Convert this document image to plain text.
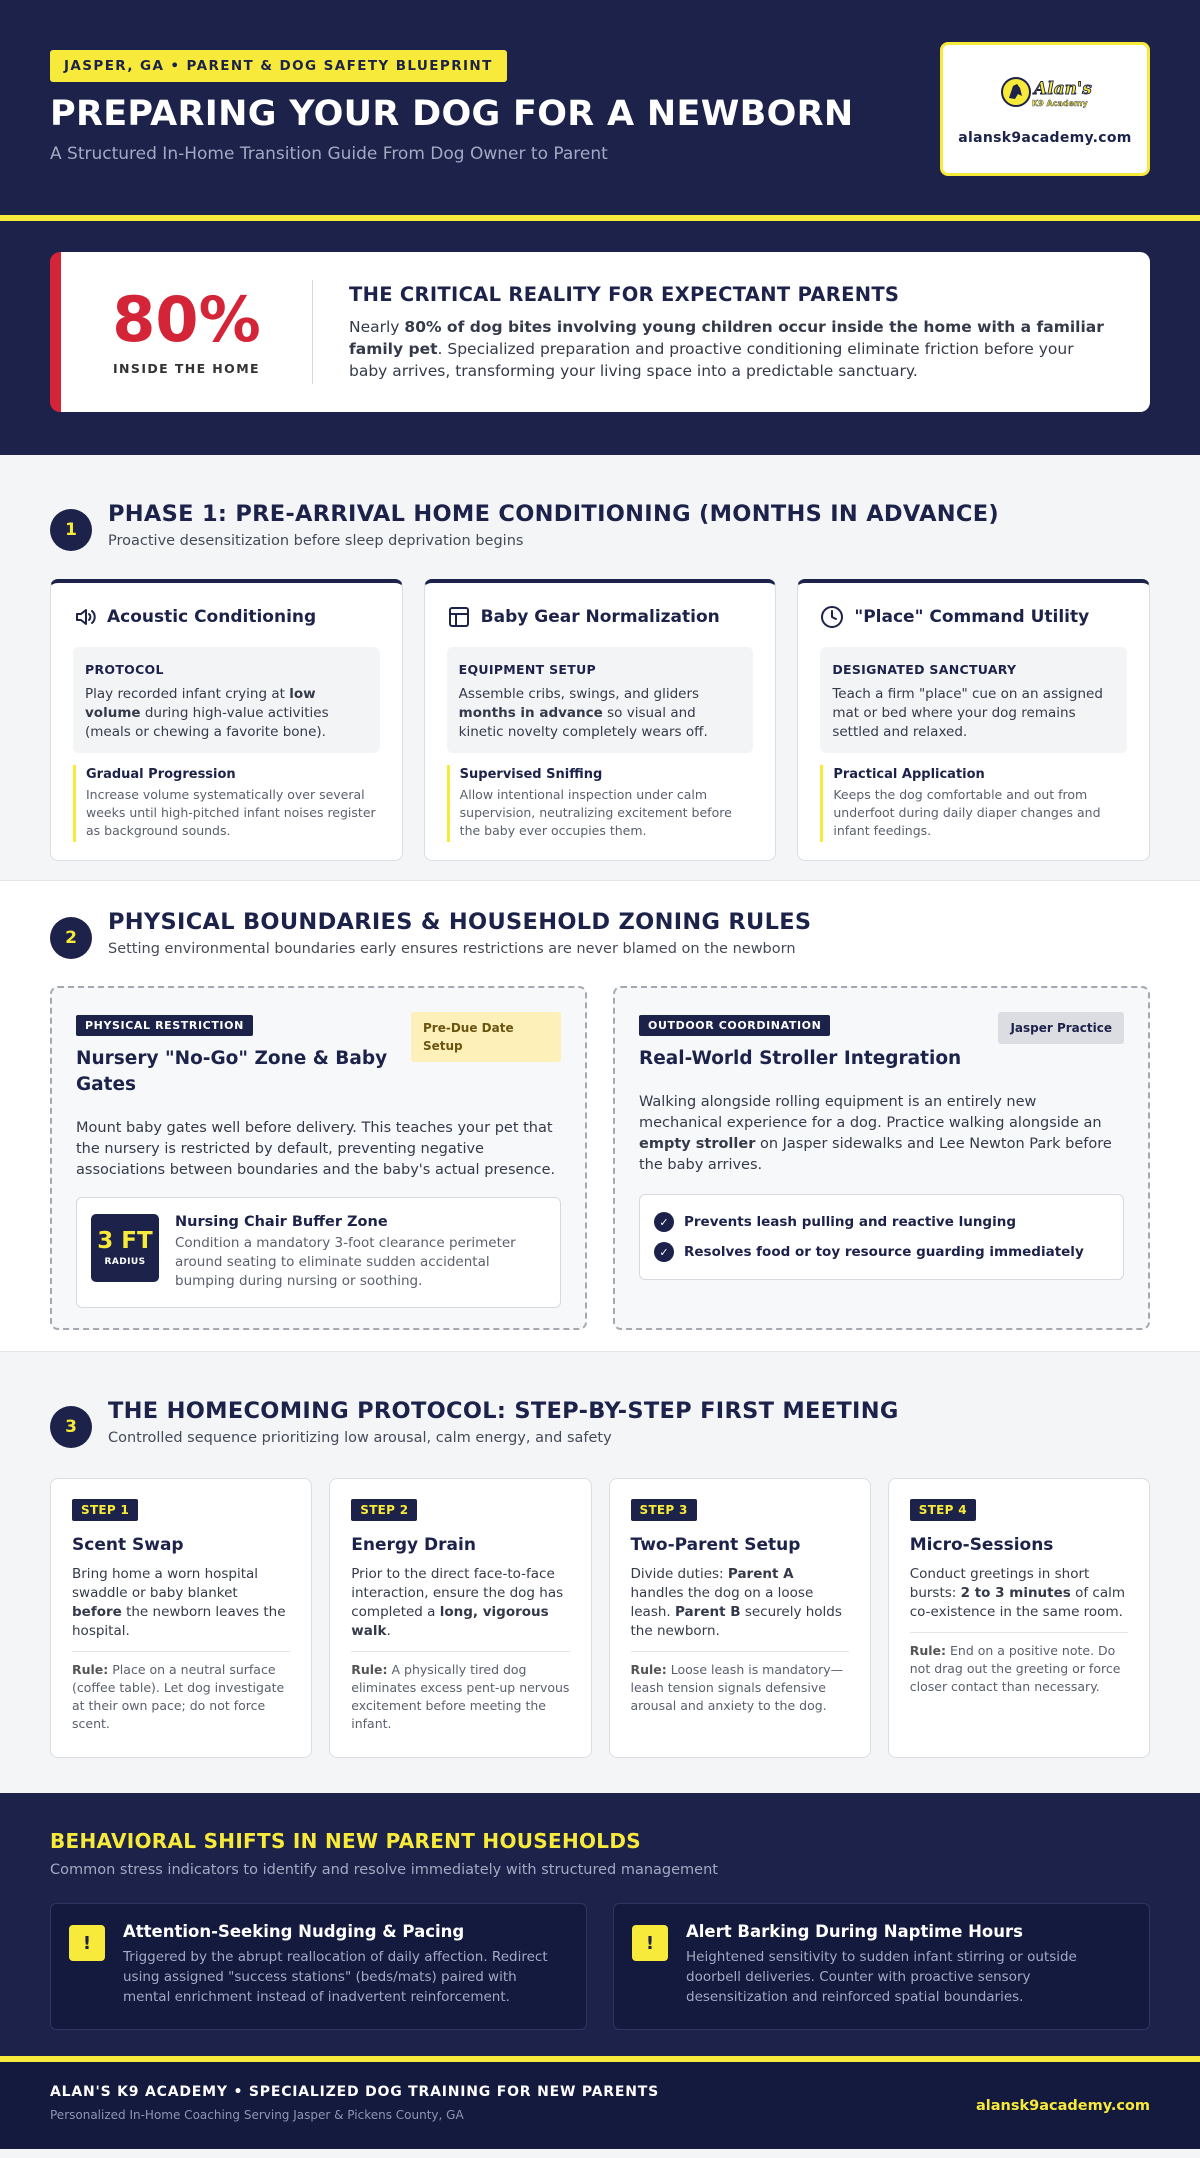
JASPER, GA • PARENT & DOG SAFETY BLUEPRINT
PREPARING YOUR DOG FOR A NEWBORN
A Structured In-Home Transition Guide From Dog Owner to Parent
Alan's
K9 Academy
alansk9academy.com
80%
INSIDE THE HOME
THE CRITICAL REALITY FOR EXPECTANT PARENTS

Nearly 80% of dog bites involving young children occur inside the home with a familiar family pet. Specialized preparation and proactive conditioning eliminate friction before your baby arrives, transforming your living space into a predictable sanctuary.

1
PHASE 1: PRE-ARRIVAL HOME CONDITIONING (MONTHS IN ADVANCE)
Proactive desensitization before sleep deprivation begins
Acoustic Conditioning
PROTOCOL

Play recorded infant crying at low volume during high-value activities (meals or chewing a favorite bone).

Gradual Progression

Increase volume systematically over several weeks until high-pitched infant noises register as background sounds.

Baby Gear Normalization
EQUIPMENT SETUP

Assemble cribs, swings, and gliders months in advance so visual and kinetic novelty completely wears off.

Supervised Sniffing

Allow intentional inspection under calm supervision, neutralizing excitement before the baby ever occupies them.

"Place" Command Utility
DESIGNATED SANCTUARY

Teach a firm "place" cue on an assigned mat or bed where your dog remains settled and relaxed.

Practical Application

Keeps the dog comfortable and out from underfoot during daily diaper changes and infant feedings.

2
PHYSICAL BOUNDARIES & HOUSEHOLD ZONING RULES
Setting environmental boundaries early ensures restrictions are never blamed on the newborn
PHYSICAL RESTRICTION	Pre-Due Date Setup
Nursery "No-Go" Zone & Baby Gates

Mount baby gates well before delivery. This teaches your pet that the nursery is restricted by default, preventing negative associations between boundaries and the baby's actual presence.

3 FT
RADIUS
Nursing Chair Buffer Zone

Condition a mandatory 3-foot clearance perimeter around seating to eliminate sudden accidental bumping during nursing or soothing.

OUTDOOR COORDINATION	Jasper Practice
Real-World Stroller Integration

Walking alongside rolling equipment is an entirely new mechanical experience for a dog. Practice walking alongside an empty stroller on Jasper sidewalks and Lee Newton Park before the baby arrives.

✓	Prevents leash pulling and reactive lunging
✓	Resolves food or toy resource guarding immediately
3
THE HOMECOMING PROTOCOL: STEP-BY-STEP FIRST MEETING
Controlled sequence prioritizing low arousal, calm energy, and safety
STEP 1
Scent Swap

Bring home a worn hospital swaddle or baby blanket before the newborn leaves the hospital.

Rule: Place on a neutral surface (coffee table). Let dog investigate at their own pace; do not force scent.
STEP 2
Energy Drain

Prior to the direct face-to-face interaction, ensure the dog has completed a long, vigorous walk.

Rule: A physically tired dog eliminates excess pent-up nervous excitement before meeting the infant.
STEP 3
Two-Parent Setup

Divide duties: Parent A handles the dog on a loose leash. Parent B securely holds the newborn.

Rule: Loose leash is mandatory—leash tension signals defensive arousal and anxiety to the dog.
STEP 4
Micro-Sessions

Conduct greetings in short bursts: 2 to 3 minutes of calm co-existence in the same room.

Rule: End on a positive note. Do not drag out the greeting or force closer contact than necessary.
BEHAVIORAL SHIFTS IN NEW PARENT HOUSEHOLDS
Common stress indicators to identify and resolve immediately with structured management
!
Attention-Seeking Nudging & Pacing

Triggered by the abrupt reallocation of daily affection. Redirect using assigned "success stations" (beds/mats) paired with mental enrichment instead of inadvertent reinforcement.

!
Alert Barking During Naptime Hours

Heightened sensitivity to sudden infant stirring or outside doorbell deliveries. Counter with proactive sensory desensitization and reinforced spatial boundaries.

ALAN'S K9 ACADEMY • SPECIALIZED DOG TRAINING FOR NEW PARENTS
Personalized In-Home Coaching Serving Jasper & Pickens County, GA
alansk9academy.com
